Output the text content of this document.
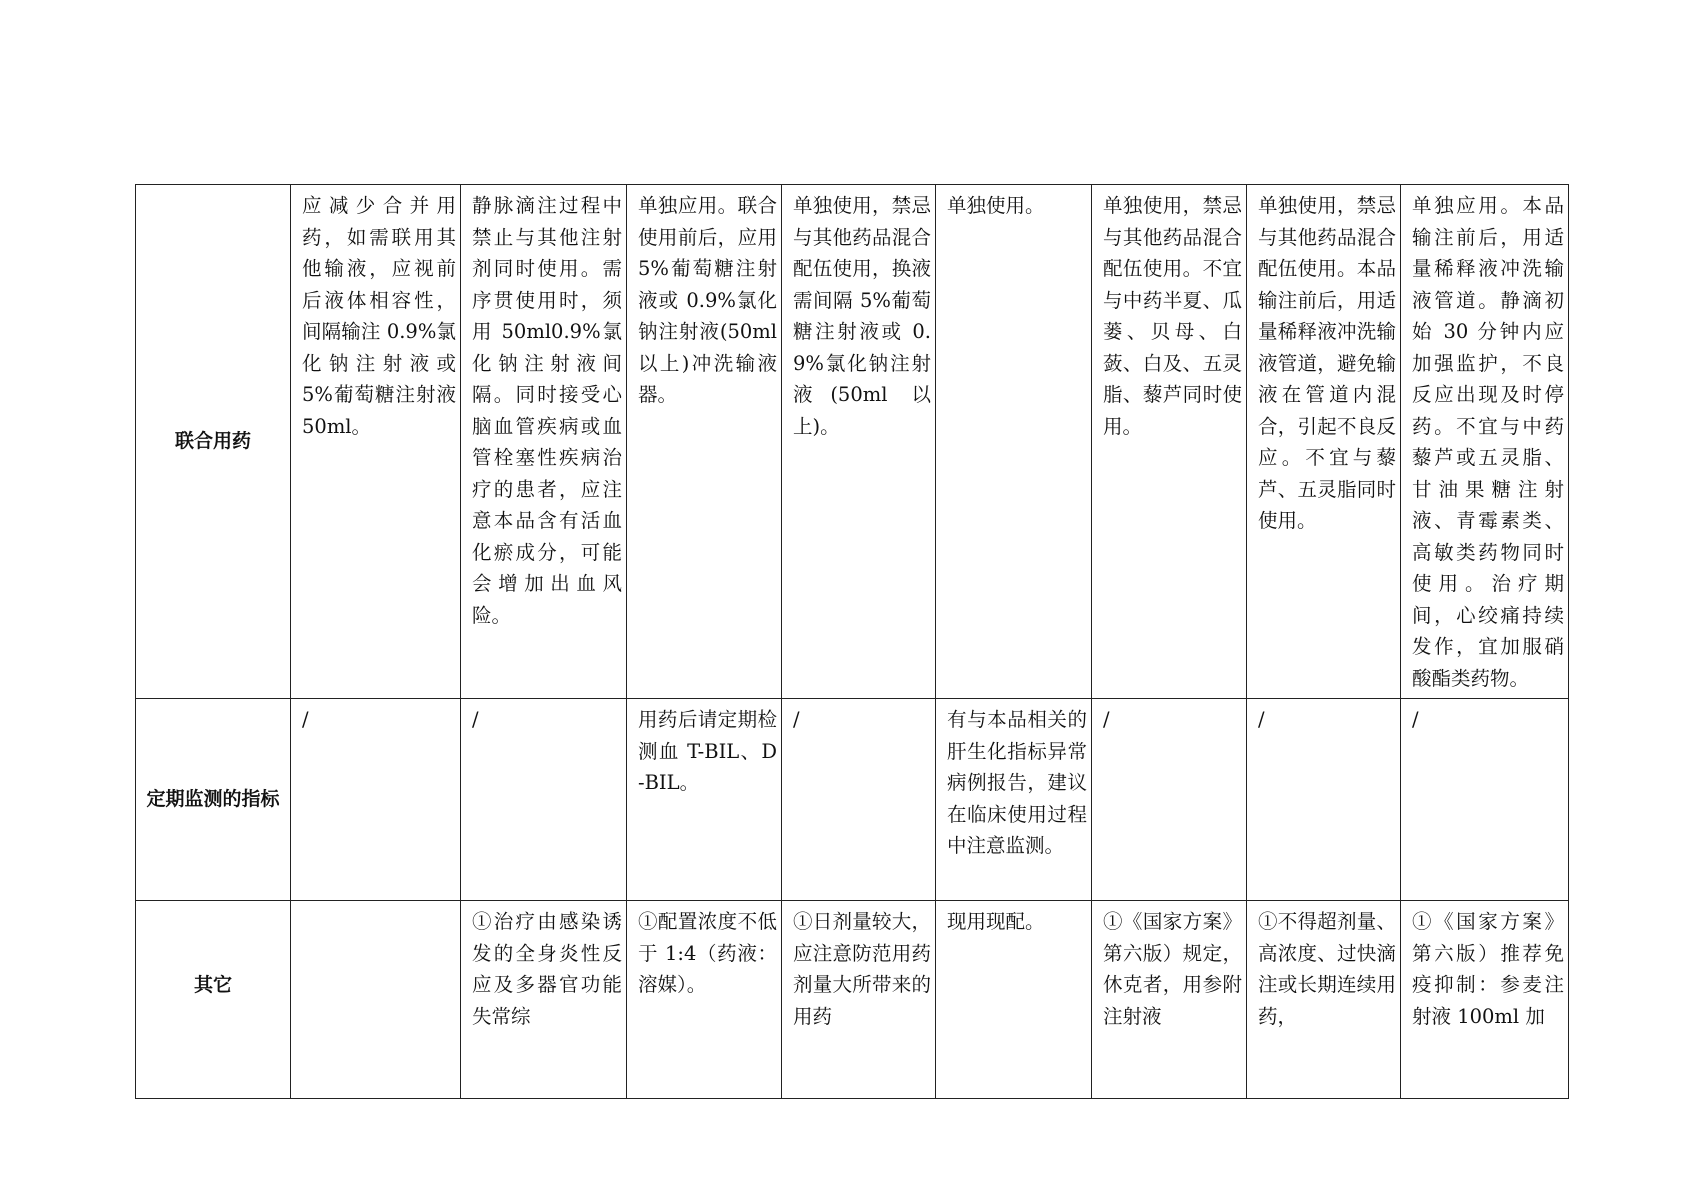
联合用药	应减少合并用药，如需联用其他输液，应视前后液体相容性，间隔输注 0.9%氯化钠注射液或 5%葡萄糖注射液 50ml。	静脉滴注过程中禁止与其他注射剂同时使用。需序贯使用时，须用 50ml0.9%氯化钠注射液间隔。同时接受心脑血管疾病或血管栓塞性疾病治疗的患者，应注意本品含有活血化瘀成分，可能会增加出血风险。	单独应用。联合使用前后，应用 5%葡萄糖注射液或 0.9%氯化钠注射液(50ml 以上)冲洗输液器。	单独使用，禁忌与其他药品混合配伍使用，换液需间隔 5%葡萄糖注射液或 0.9%氯化钠注射液(50ml 以上)。	单独使用。	单独使用，禁忌与其他药品混合配伍使用。不宜与中药半夏、瓜蒌、贝母、白蔹、白及、五灵脂、藜芦同时使用。	单独使用，禁忌与其他药品混合配伍使用。本品输注前后，用适量稀释液冲洗输液管道，避免输液在管道内混合，引起不良反应。不宜与藜芦、五灵脂同时使用。	单独应用。本品输注前后，用适量稀释液冲洗输液管道。静滴初始 30 分钟内应加强监护，不良反应出现及时停药。不宜与中药藜芦或五灵脂、甘油果糖注射液、青霉素类、高敏类药物同时使用。治疗期间，心绞痛持续发作，宜加服硝酸酯类药物。

定期监测的指标	/	/	用药后请定期检测血 T-BIL、D-BIL。	/	有与本品相关的肝生化指标异常病例报告，建议在临床使用过程中注意监测。	/	/	/

其它		①治疗由感染诱发的全身炎性反应及多器官功能失常综	①配置浓度不低于 1:4（药液：溶媒）。	①日剂量较大，应注意防范用药剂量大所带来的用药	现用现配。	①《国家方案》第六版）规定，休克者，用参附注射液	①不得超剂量、高浓度、过快滴注或长期连续用药，	①《国家方案》第六版）推荐免疫抑制：参麦注射液 100ml 加
